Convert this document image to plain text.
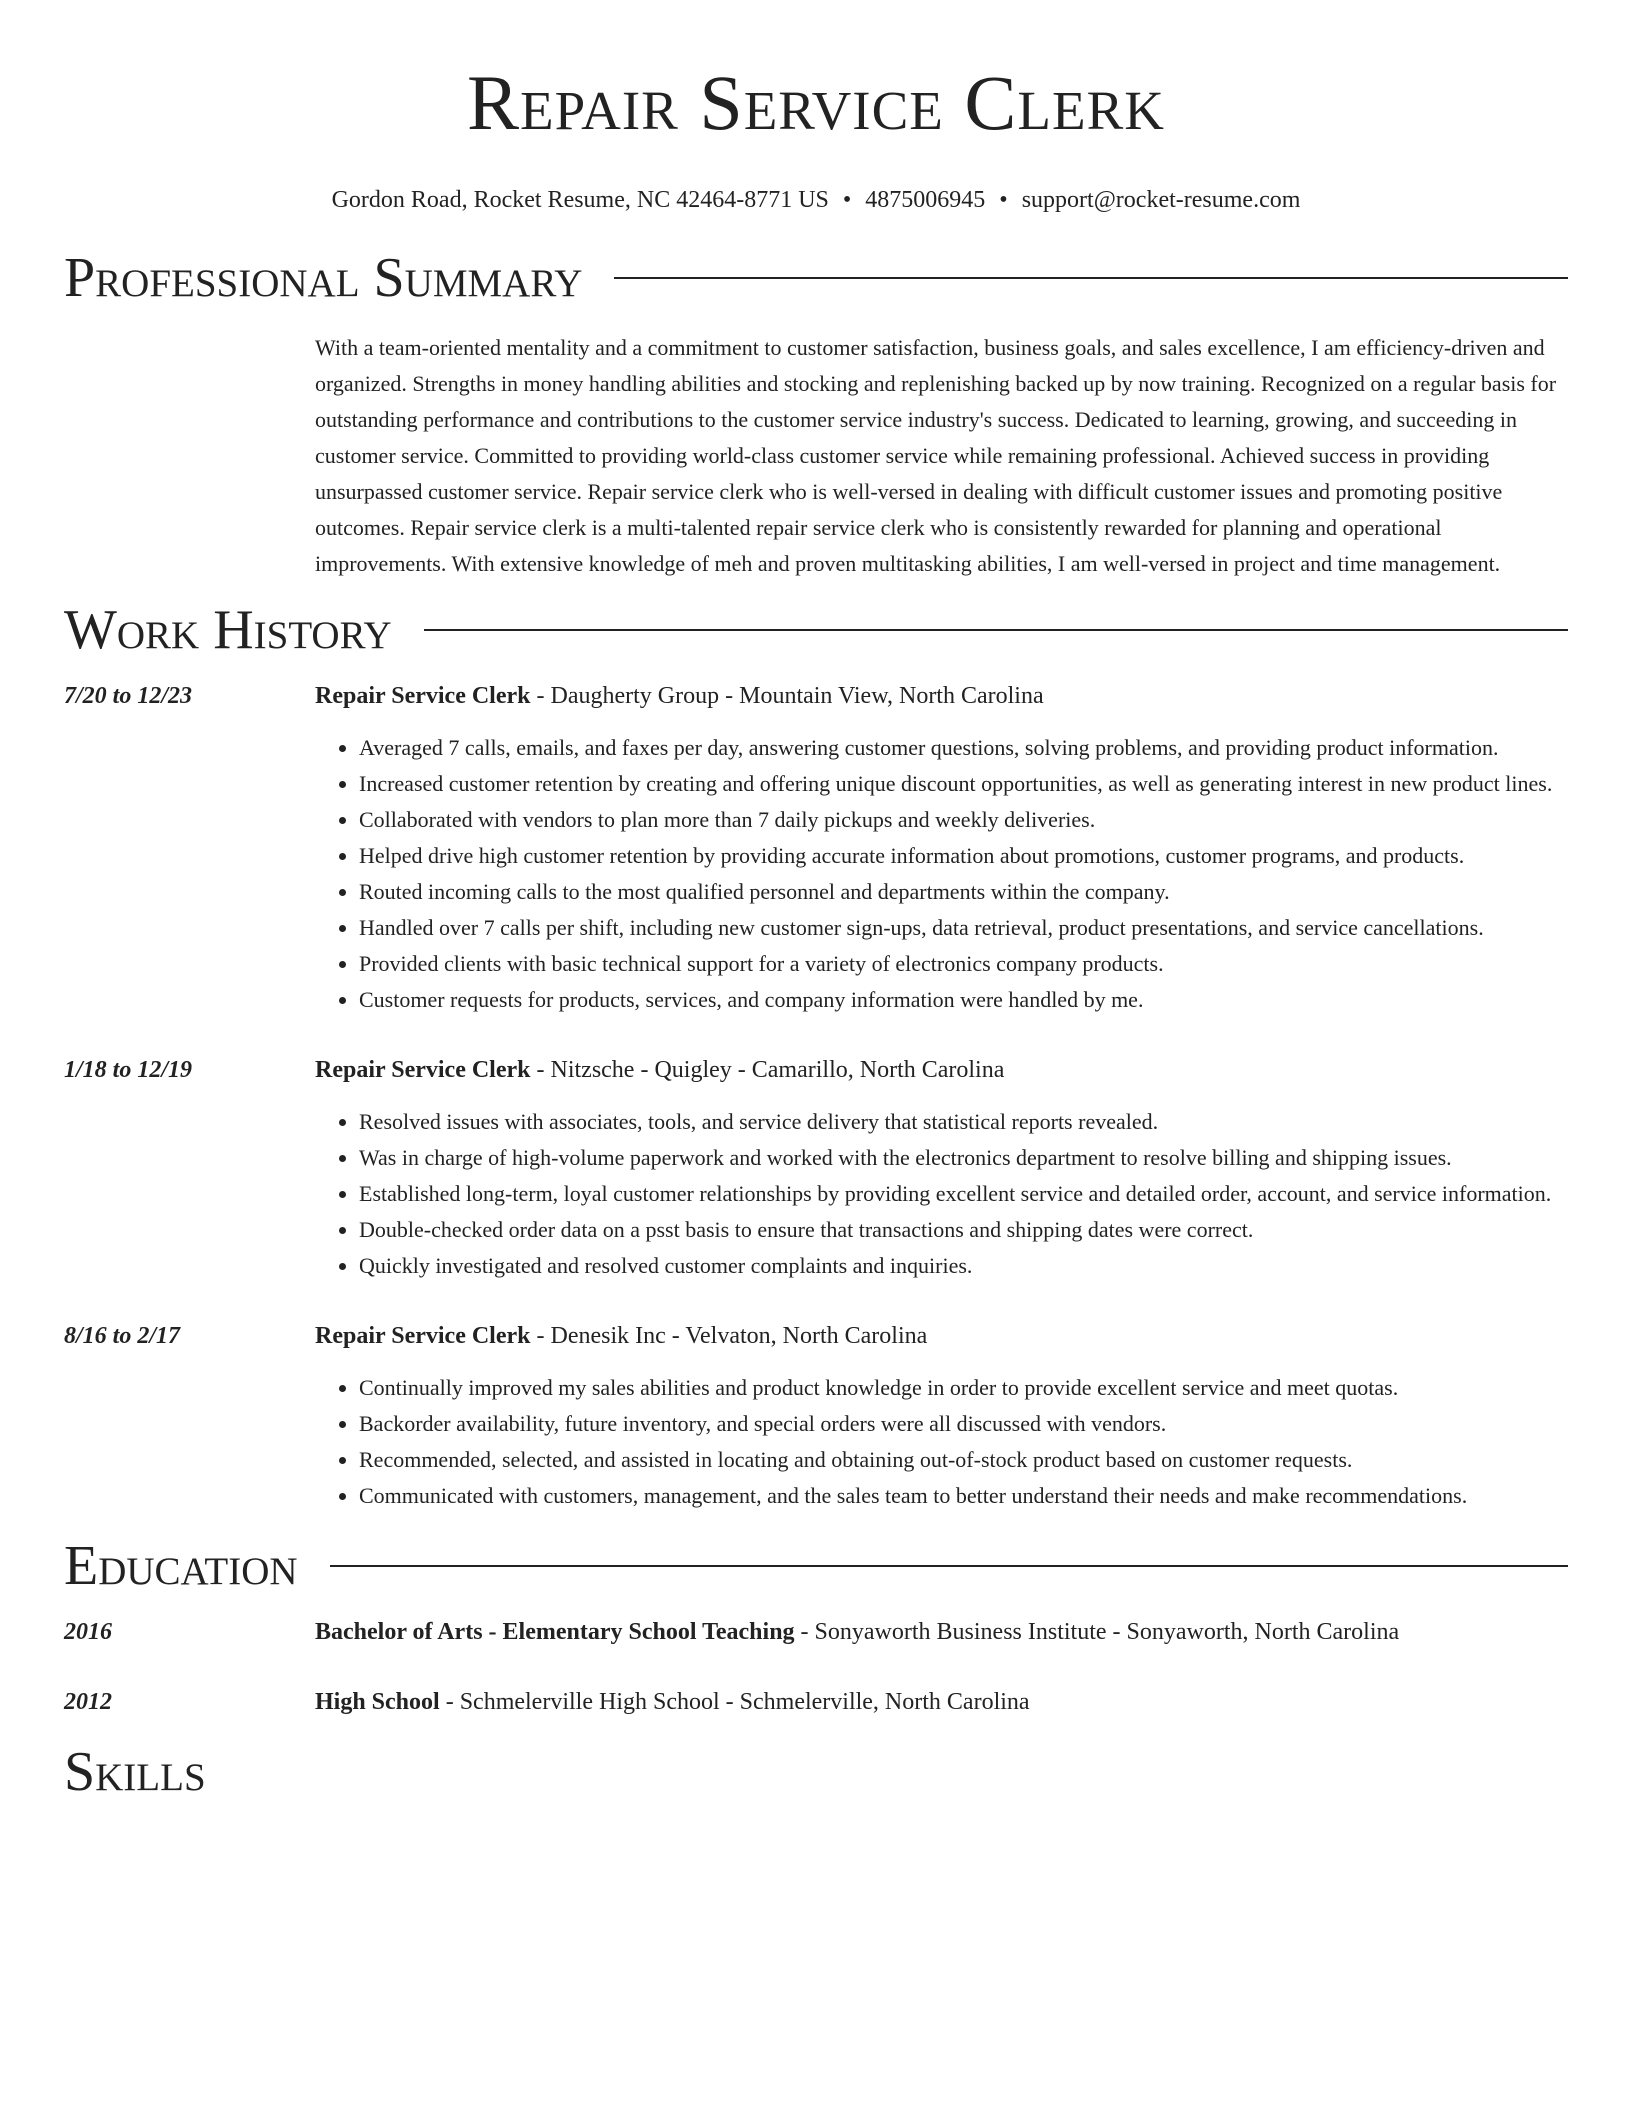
Repair Service Clerk
Gordon Road, Rocket Resume, NC 42464-8771 US • 4875006945 • support@rocket-resume.com
Professional Summary
With a team-oriented mentality and a commitment to customer satisfaction, business goals, and sales excellence, I am efficiency-driven and organized. Strengths in money handling abilities and stocking and replenishing backed up by now training. Recognized on a regular basis for outstanding performance and contributions to the customer service industry's success. Dedicated to learning, growing, and succeeding in customer service. Committed to providing world-class customer service while remaining professional. Achieved success in providing unsurpassed customer service. Repair service clerk who is well-versed in dealing with difficult customer issues and promoting positive outcomes. Repair service clerk is a multi-talented repair service clerk who is consistently rewarded for planning and operational improvements. With extensive knowledge of meh and proven multitasking abilities, I am well-versed in project and time management.
Work History
7/20 to 12/23	Repair Service Clerk - Daugherty Group - Mountain View, North Carolina
• Averaged 7 calls, emails, and faxes per day, answering customer questions, solving problems, and providing product information.
• Increased customer retention by creating and offering unique discount opportunities, as well as generating interest in new product lines.
• Collaborated with vendors to plan more than 7 daily pickups and weekly deliveries.
• Helped drive high customer retention by providing accurate information about promotions, customer programs, and products.
• Routed incoming calls to the most qualified personnel and departments within the company.
• Handled over 7 calls per shift, including new customer sign-ups, data retrieval, product presentations, and service cancellations.
• Provided clients with basic technical support for a variety of electronics company products.
• Customer requests for products, services, and company information were handled by me.
1/18 to 12/19	Repair Service Clerk - Nitzsche - Quigley - Camarillo, North Carolina
• Resolved issues with associates, tools, and service delivery that statistical reports revealed.
• Was in charge of high-volume paperwork and worked with the electronics department to resolve billing and shipping issues.
• Established long-term, loyal customer relationships by providing excellent service and detailed order, account, and service information.
• Double-checked order data on a psst basis to ensure that transactions and shipping dates were correct.
• Quickly investigated and resolved customer complaints and inquiries.
8/16 to 2/17	Repair Service Clerk - Denesik Inc - Velvaton, North Carolina
• Continually improved my sales abilities and product knowledge in order to provide excellent service and meet quotas.
• Backorder availability, future inventory, and special orders were all discussed with vendors.
• Recommended, selected, and assisted in locating and obtaining out-of-stock product based on customer requests.
• Communicated with customers, management, and the sales team to better understand their needs and make recommendations.
Education
2016	Bachelor of Arts - Elementary School Teaching - Sonyaworth Business Institute - Sonyaworth, North Carolina
2012	High School - Schmelerville High School - Schmelerville, North Carolina
Skills
